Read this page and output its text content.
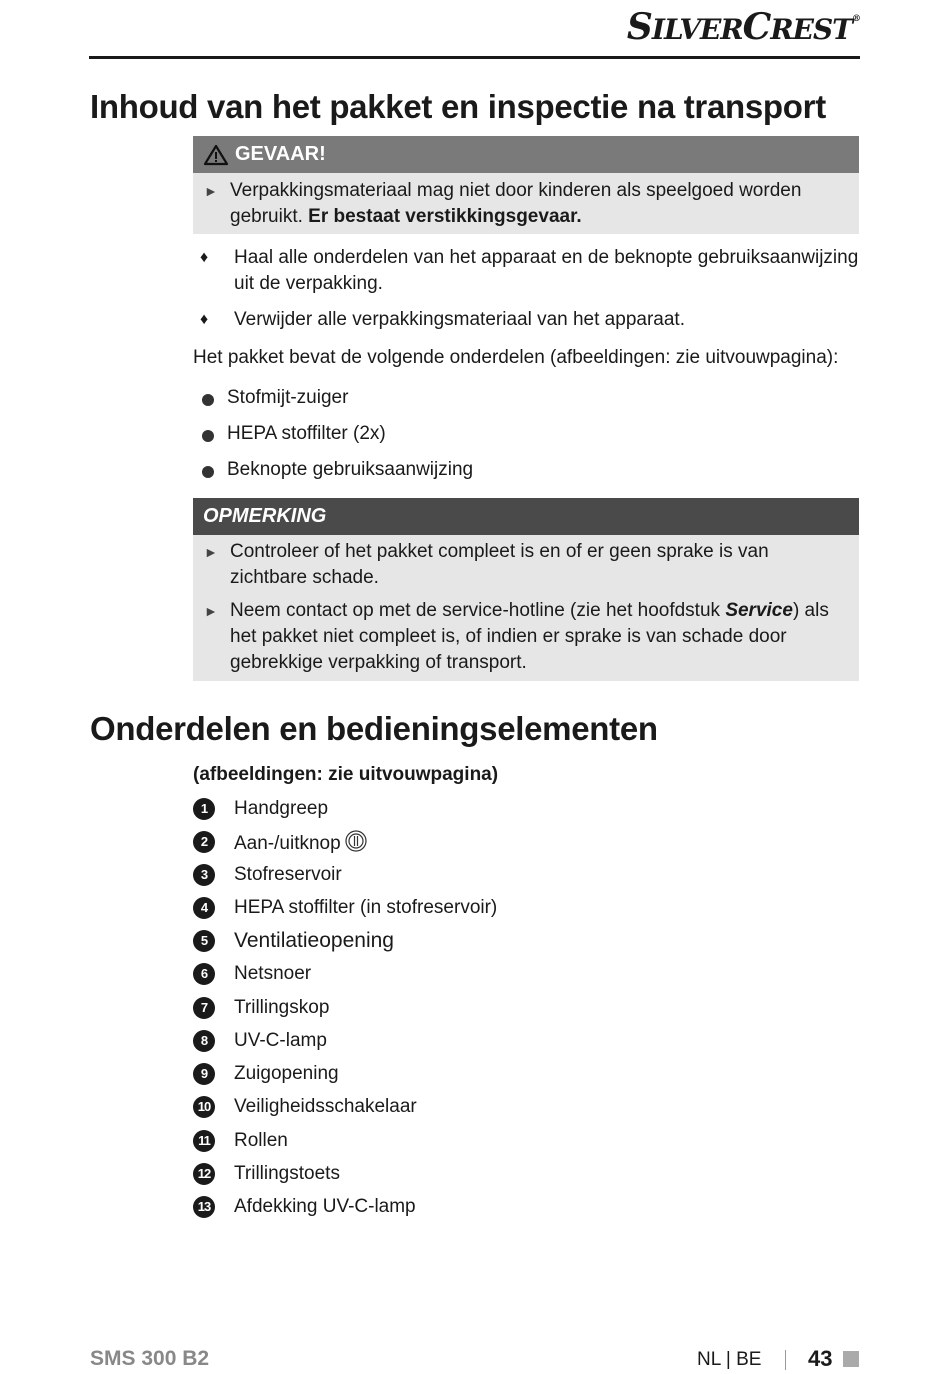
SILVERCREST®
Inhoud van het pakket en inspectie na transport
GEVAAR!
► Verpakkingsmateriaal mag niet door kinderen als speelgoed worden gebruikt. Er bestaat verstikkingsgevaar.
♦ Haal alle onderdelen van het apparaat en de beknopte gebruiksaanwijzing uit de verpakking.
♦ Verwijder alle verpakkingsmateriaal van het apparaat.
Het pakket bevat de volgende onderdelen (afbeeldingen: zie uitvouwpagina):
Stofmijt-zuiger
HEPA stoffilter (2x)
Beknopte gebruiksaanwijzing
OPMERKING
► Controleer of het pakket compleet is en of er geen sprake is van zichtbare schade.
► Neem contact op met de service-hotline (zie het hoofdstuk Service) als het pakket niet compleet is, of indien er sprake is van schade door gebrekkige verpakking of transport.
Onderdelen en bedieningselementen
(afbeeldingen: zie uitvouwpagina)
1	Handgreep
2	Aan-/uitknop
3	Stofreservoir
4	HEPA stoffilter (in stofreservoir)
5	Ventilatieopening
6	Netsnoer
7	Trillingskop
8	UV-C-lamp
9	Zuigopening
10 Veiligheidsschakelaar
11 Rollen
12 Trillingstoets
13 Afdekking UV-C-lamp
SMS 300 B2	NL | BE 43
